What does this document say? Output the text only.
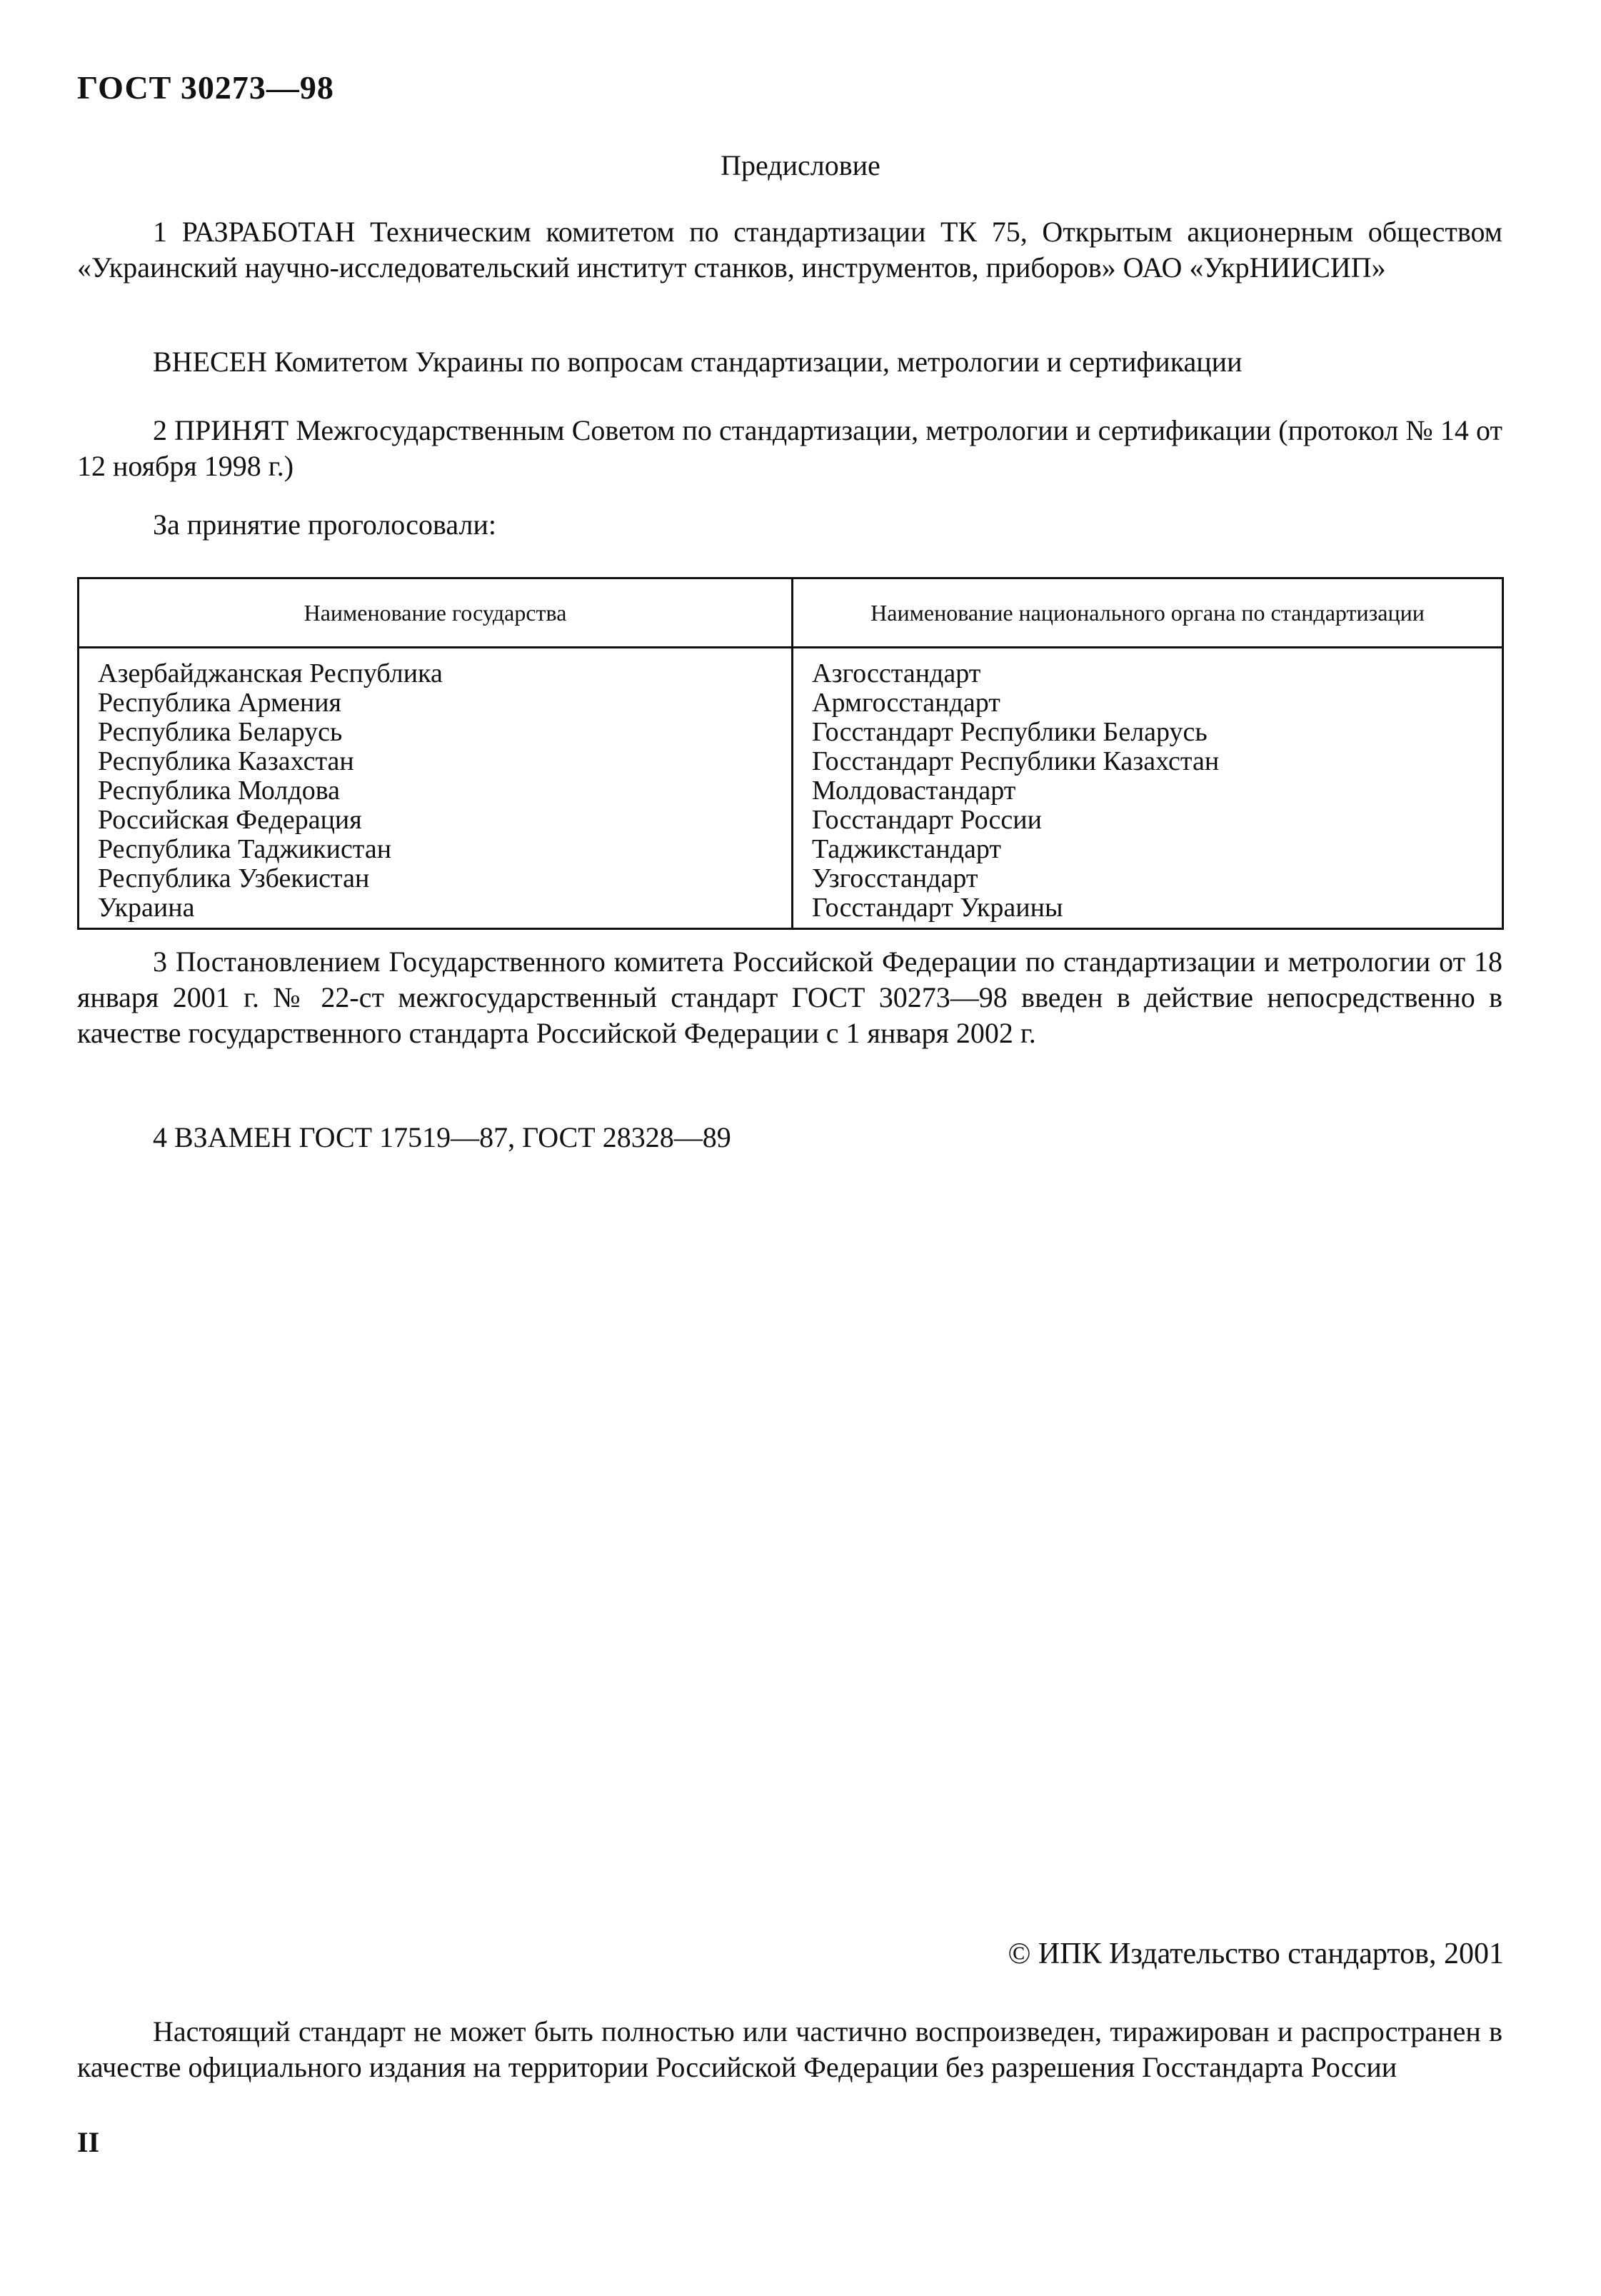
ГОСТ 30273—98
Предисловие
1 РАЗРАБОТАН Техническим комитетом по стандартизации ТК 75, Открытым акционерным обществом «Украинский научно-исследовательский институт станков, инструментов, приборов» ОАО «УкрНИИСИП»
ВНЕСЕН Комитетом Украины по вопросам стандартизации, метрологии и сертификации
2 ПРИНЯТ Межгосударственным Советом по стандартизации, метрологии и сертификации (протокол № 14 от 12 ноября 1998 г.)
За принятие проголосовали:
Наименование государства	Наименование национального органа по стандартизации
Азербайджанская Республика
Республика Армения
Республика Беларусь
Республика Казахстан
Республика Молдова
Российская Федерация
Республика Таджикистан
Республика Узбекистан
Украина
Азгосстандарт
Армгосстандарт
Госстандарт Республики Беларусь
Госстандарт Республики Казахстан
Молдовастандарт
Госстандарт России
Таджикстандарт
Узгосстандарт
Госстандарт Украины
3 Постановлением Государственного комитета Российской Федерации по стандартизации и метрологии от 18 января 2001 г. № 22-ст межгосударственный стандарт ГОСТ 30273—98 введен в действие непосредственно в качестве государственного стандарта Российской Федерации с 1 января 2002 г.
4 ВЗАМЕН ГОСТ 17519—87, ГОСТ 28328—89
© ИПК Издательство стандартов, 2001
Настоящий стандарт не может быть полностью или частично воспроизведен, тиражирован и распространен в качестве официального издания на территории Российской Федерации без разрешения Госстандарта России
II
